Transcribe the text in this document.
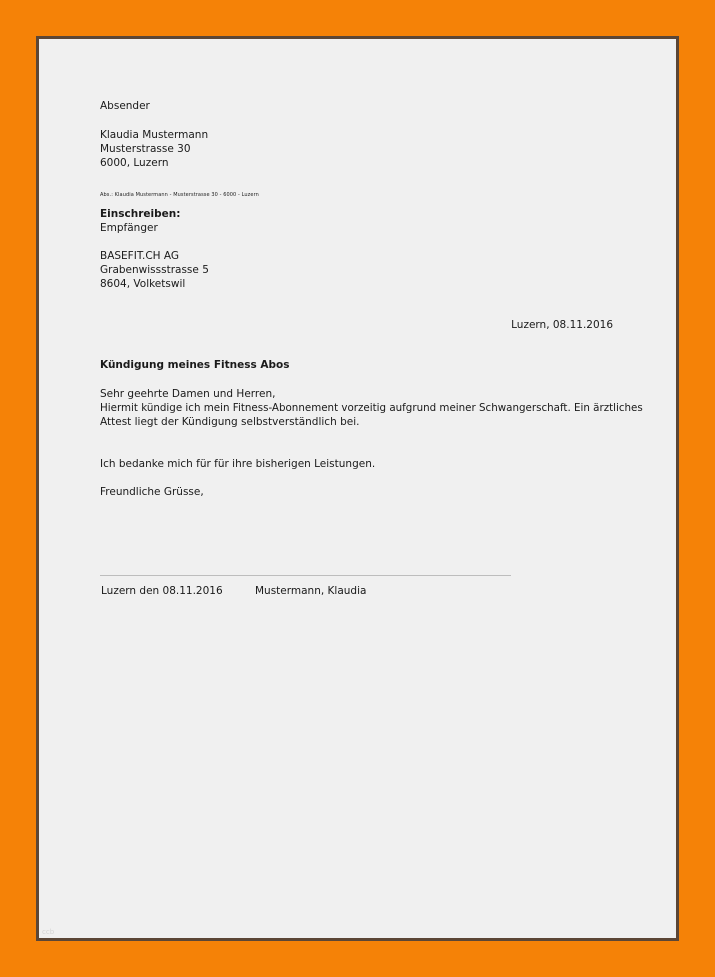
Absender
Klaudia Mustermann
Musterstrasse 30
6000, Luzern
Abs.: Klaudia Mustermann - Musterstrasse 30 - 6000 - Luzern
Einschreiben:
Empfänger
BASEFIT.CH AG
Grabenwissstrasse 5
8604, Volketswil
Luzern, 08.11.2016
Kündigung meines Fitness Abos
Sehr geehrte Damen und Herren,
Hiermit kündige ich mein Fitness-Abonnement vorzeitig aufgrund meiner Schwangerschaft. Ein ärztliches
Attest liegt der Kündigung selbstverständlich bei.
Ich bedanke mich für für ihre bisherigen Leistungen.
Freundliche Grüsse,
Luzern den 08.11.2016	Mustermann, Klaudia
ccb
